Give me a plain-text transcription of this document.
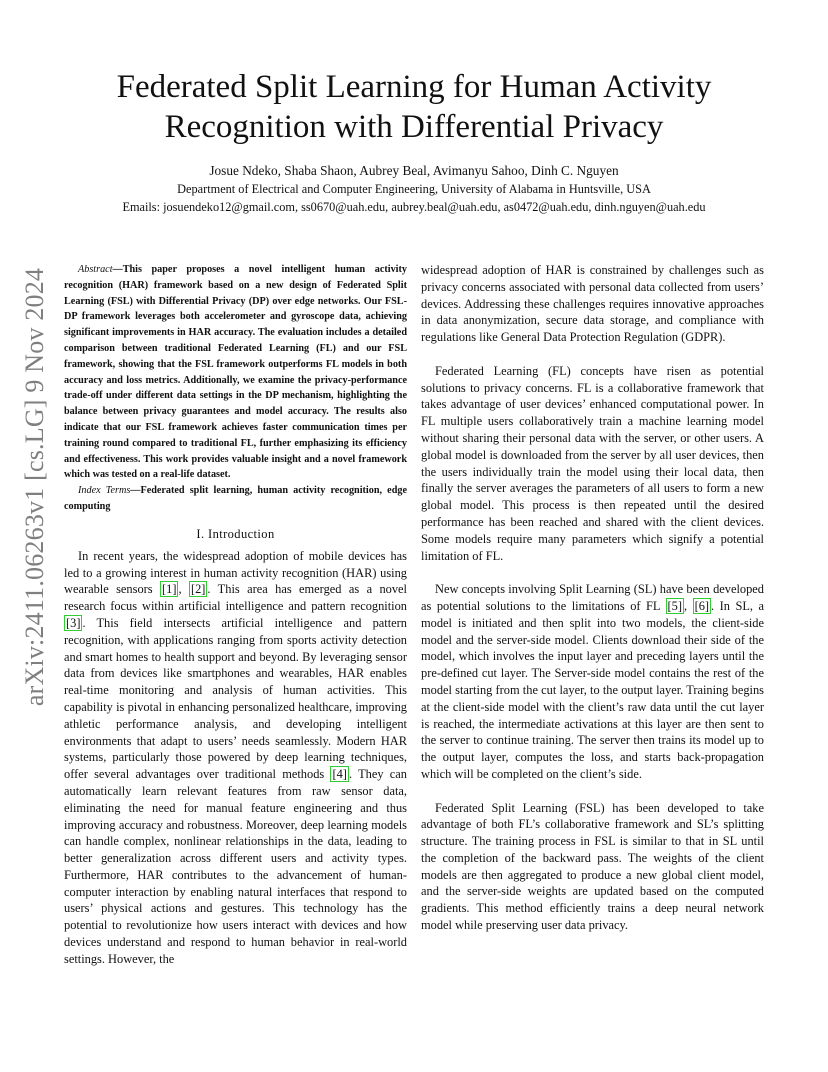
arXiv:2411.06263v1 [cs.LG] 9 Nov 2024
Federated Split Learning for Human Activity Recognition with Differential Privacy
Josue Ndeko, Shaba Shaon, Aubrey Beal, Avimanyu Sahoo, Dinh C. Nguyen
Department of Electrical and Computer Engineering, University of Alabama in Huntsville, USA
Emails: josuendeko12@gmail.com, ss0670@uah.edu, aubrey.beal@uah.edu, as0472@uah.edu, dinh.nguyen@uah.edu

Abstract—This paper proposes a novel intelligent human activity recognition (HAR) framework based on a new design of Federated Split Learning (FSL) with Differential Privacy (DP) over edge networks. Our FSL-DP framework leverages both accelerometer and gyroscope data, achieving significant improvements in HAR accuracy. The evaluation includes a detailed comparison between traditional Federated Learning (FL) and our FSL framework, showing that the FSL framework outperforms FL models in both accuracy and loss metrics. Additionally, we examine the privacy-performance trade-off under different data settings in the DP mechanism, highlighting the balance between privacy guarantees and model accuracy. The results also indicate that our FSL framework achieves faster communication times per training round compared to traditional FL, further emphasizing its efficiency and effectiveness. This work provides valuable insight and a novel framework which was tested on a real-life dataset.

Index Terms—Federated split learning, human activity recognition, edge computing

I. Introduction

In recent years, the widespread adoption of mobile devices has led to a growing interest in human activity recognition (HAR) using wearable sensors [1] , [2] . This area has emerged as a novel research focus within artificial intelligence and pattern recognition [3] . This field intersects artificial intelligence and pattern recognition, with applications ranging from sports activity detection and smart homes to health support and beyond. By leveraging sensor data from devices like smartphones and wearables, HAR enables real-time monitoring and analysis of human activities. This capability is pivotal in enhancing personalized healthcare, improving athletic performance analysis, and developing intelligent environments that adapt to users’ needs seamlessly. Modern HAR systems, particularly those powered by deep learning techniques, offer several advantages over traditional methods [4] . They can automatically learn relevant features from raw sensor data, eliminating the need for manual feature engineering and thus improving accuracy and robustness. Moreover, deep learning models can handle complex, nonlinear relationships in the data, leading to better generalization across different users and activity types. Furthermore, HAR contributes to the advancement of human-computer interaction by enabling natural interfaces that respond to users’ physical actions and gestures. This technology has the potential to revolutionize how users interact with devices and how devices understand and respond to human behavior in real-world settings. However, the

widespread adoption of HAR is constrained by challenges such as privacy concerns associated with personal data collected from users’ devices. Addressing these challenges requires innovative approaches in data anonymization, secure data storage, and compliance with regulations like General Data Protection Regulation (GDPR).

Federated Learning (FL) concepts have risen as potential solutions to privacy concerns. FL is a collaborative framework that takes advantage of user devices’ enhanced computational power. In FL multiple users collaboratively train a machine learning model without sharing their personal data with the server, or other users. A global model is downloaded from the server by all user devices, then the users individually train the model using their local data, then finally the server averages the parameters of all users to form a new global model. This process is then repeated until the desired performance has been reached and shared with the client devices. Some models require many parameters which signify a potential limitation of FL.

New concepts involving Split Learning (SL) have been developed as potential solutions to the limitations of FL [5] , [6] . In SL, a model is initiated and then split into two models, the client-side model and the server-side model. Clients download their side of the model, which involves the input layer and preceding layers until the pre-defined cut layer. The Server-side model contains the rest of the model starting from the cut layer, to the output layer. Training begins at the client-side model with the client’s raw data until the cut layer is reached, the intermediate activations at this layer are then sent to the server to continue training. The server then trains its model up to the output layer, computes the loss, and starts back-propagation which will be completed on the client’s side.

Federated Split Learning (FSL) has been developed to take advantage of both FL’s collaborative framework and SL’s splitting structure. The training process in FSL is similar to that in SL until the completion of the backward pass. The weights of the client models are then aggregated to produce a new global client model, and the server-side weights are updated based on the computed gradients. This method efficiently trains a deep neural network model while preserving user data privacy.
